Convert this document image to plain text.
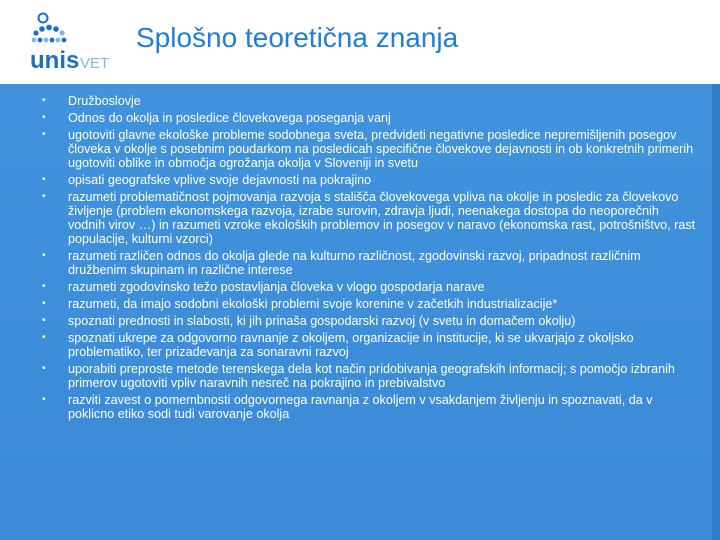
unis VET
Splošno teoretična znanja
• Družboslovje
• Odnos do okolja in posledice človekovega poseganja vanj
• ugotoviti glavne ekološke probleme sodobnega sveta, predvideti negativne posledice nepremišljenih posegov človeka v okolje s posebnim poudarkom na posledicah specifične človekove dejavnosti in ob konkretnih primerih ugotoviti oblike in območja ogrožanja okolja v Sloveniji in svetu
• opisati geografske vplive svoje dejavnosti na pokrajino
• razumeti problematičnost pojmovanja razvoja s stališča človekovega vpliva na okolje in posledic za človekovo življenje (problem ekonomskega razvoja, izrabe surovin, zdravja ljudi, neenakega dostopa do neoporečnih vodnih virov …) in razumeti vzroke ekoloških problemov in posegov v naravo (ekonomska rast, potrošništvo, rast populacije, kulturni vzorci)
• razumeti različen odnos do okolja glede na kulturno različnost, zgodovinski razvoj, pripadnost različnim družbenim skupinam in različne interese
• razumeti zgodovinsko težo postavljanja človeka v vlogo gospodarja narave
• razumeti, da imajo sodobni ekološki problemi svoje korenine v začetkih industrializacije*
• spoznati prednosti in slabosti, ki jih prinaša gospodarski razvoj (v svetu in domačem okolju)
• spoznati ukrepe za odgovorno ravnanje z okoljem, organizacije in institucije, ki se ukvarjajo z okoljsko problematiko, ter prizadevanja za sonaravni razvoj
• uporabiti preproste metode terenskega dela kot način pridobivanja geografskih informacij; s pomočjo izbranih primerov ugotoviti vpliv naravnih nesreč na pokrajino in prebivalstvo
• razviti zavest o pomembnosti odgovornega ravnanja z okoljem v vsakdanjem življenju in spoznavati, da v poklicno etiko sodi tudi varovanje okolja
